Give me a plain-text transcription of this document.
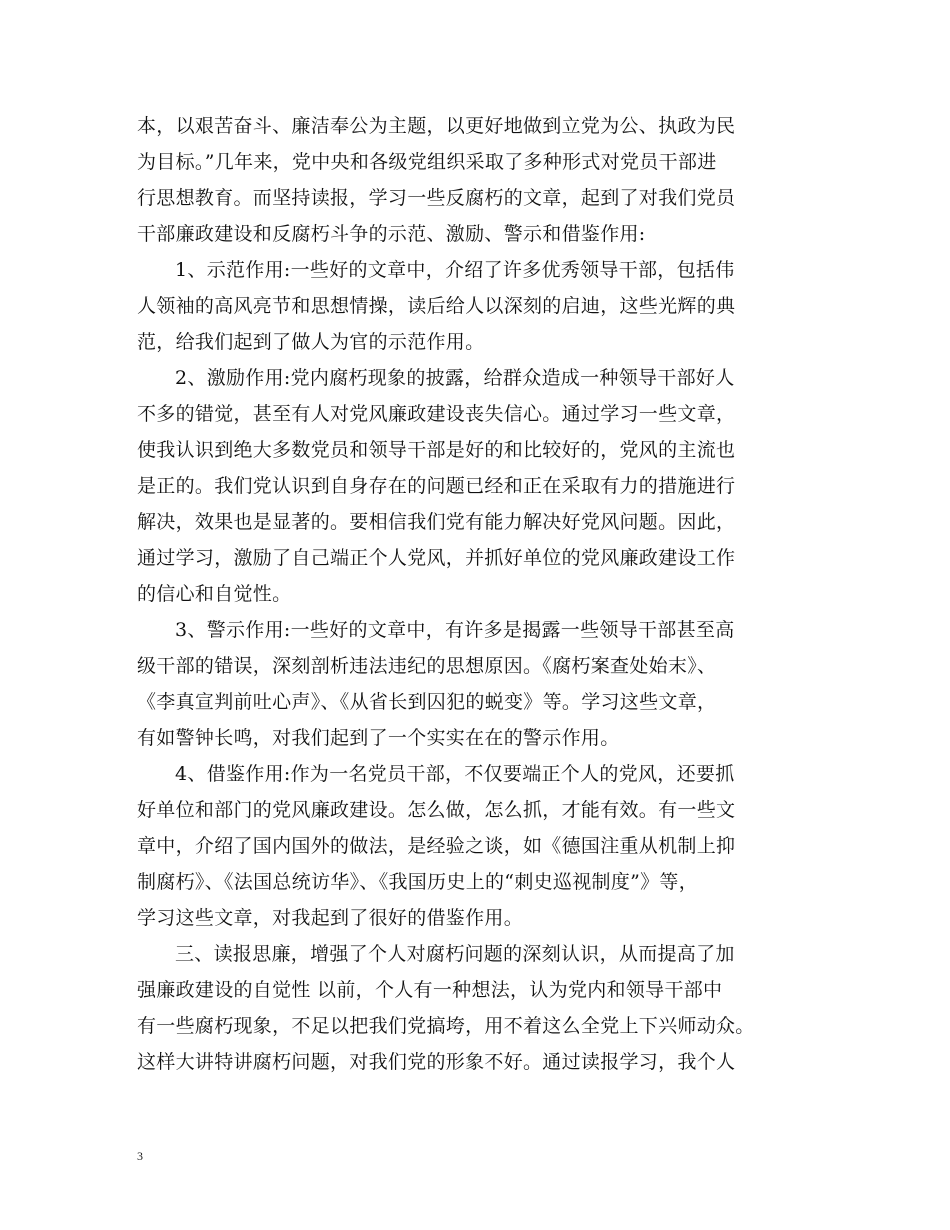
本，以艰苦奋斗、廉洁奉公为主题，以更好地做到立党为公、执政为民
为目标。”几年来，党中央和各级党组织采取了多种形式对党员干部进
行思想教育。而坚持读报，学习一些反腐朽的文章，起到了对我们党员
干部廉政建设和反腐朽斗争的示范、激励、警示和借鉴作用:
1、示范作用:一些好的文章中，介绍了许多优秀领导干部，包括伟
人领袖的高风亮节和思想情操，读后给人以深刻的启迪，这些光辉的典
范，给我们起到了做人为官的示范作用。
2、激励作用:党内腐朽现象的披露，给群众造成一种领导干部好人
不多的错觉，甚至有人对党风廉政建设丧失信心。通过学习一些文章，
使我认识到绝大多数党员和领导干部是好的和比较好的，党风的主流也
是正的。我们党认识到自身存在的问题已经和正在采取有力的措施进行
解决，效果也是显著的。要相信我们党有能力解决好党风问题。因此，
通过学习，激励了自己端正个人党风，并抓好单位的党风廉政建设工作
的信心和自觉性。
3、警示作用:一些好的文章中，有许多是揭露一些领导干部甚至高
级干部的错误，深刻剖析违法违纪的思想原因。《腐朽案查处始末》、
《李真宣判前吐心声》、《从省长到囚犯的蜕变》等。学习这些文章，
有如警钟长鸣，对我们起到了一个实实在在的警示作用。
4、借鉴作用:作为一名党员干部，不仅要端正个人的党风，还要抓
好单位和部门的党风廉政建设。怎么做，怎么抓，才能有效。有一些文
章中，介绍了国内国外的做法，是经验之谈，如《德国注重从机制上抑
制腐朽》、《法国总统访华》、《我国历史上的“刺史巡视制度”》等，
学习这些文章，对我起到了很好的借鉴作用。
三、读报思廉，增强了个人对腐朽问题的深刻认识，从而提高了加
强廉政建设的自觉性 以前，个人有一种想法，认为党内和领导干部中
有一些腐朽现象，不足以把我们党搞垮，用不着这么全党上下兴师动众。
这样大讲特讲腐朽问题，对我们党的形象不好。通过读报学习，我个人
3
